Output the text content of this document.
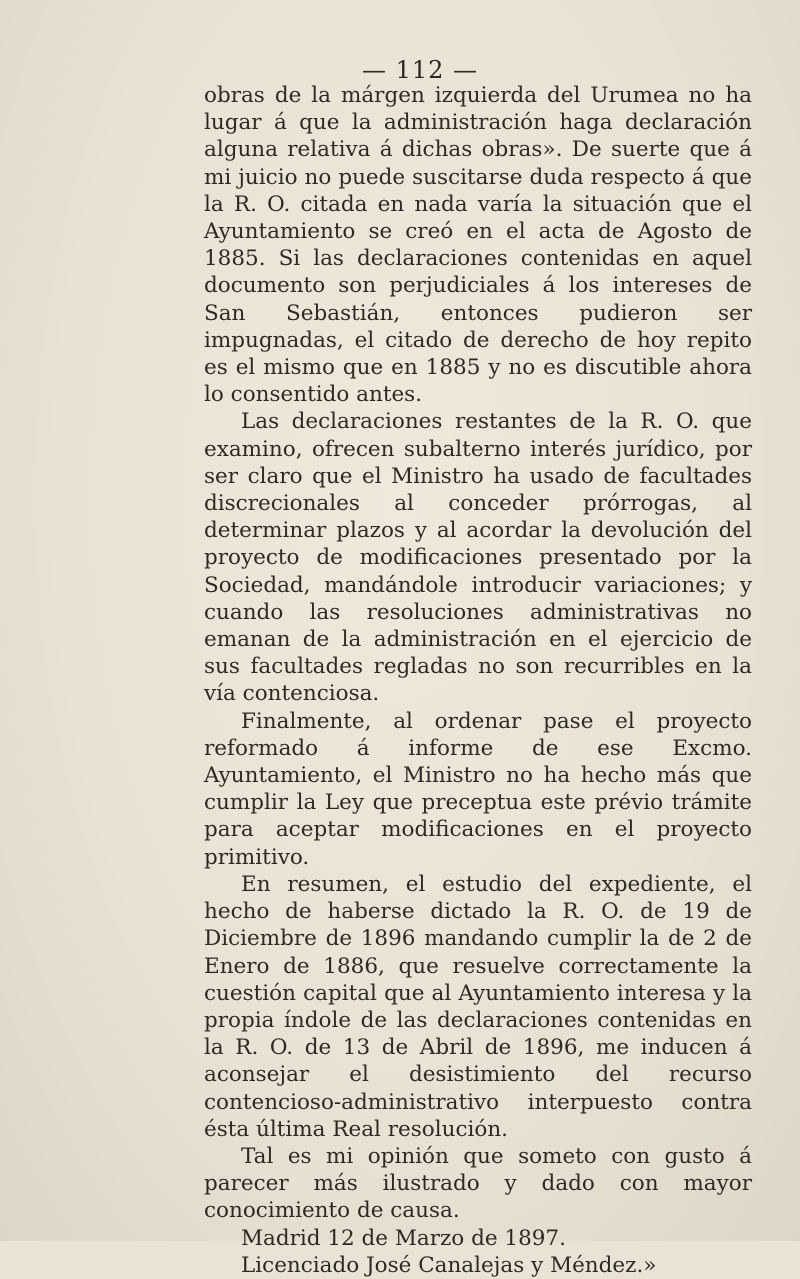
— 112 —

obras de la márgen izquierda del Urumea no ha lugar á que la administración haga declaración alguna relativa á dichas obras». De suerte que á mi juicio no puede suscitarse duda respecto á que la R. O. citada en nada varía la situación que el Ayuntamiento se creó en el acta de Agosto de 1885. Si las declaraciones contenidas en aquel documento son perjudiciales á los intereses de San Sebastián, entonces pudieron ser impugnadas, el citado de derecho de hoy repito es el mismo que en 1885 y no es discutible ahora lo consentido antes.

Las declaraciones restantes de la R. O. que examino, ofrecen subalterno interés jurídico, por ser claro que el Ministro ha usado de facultades discrecionales al conceder prórrogas, al determinar plazos y al acordar la devolución del proyecto de modificaciones presentado por la Sociedad, mandándole introducir variaciones; y cuando las resoluciones administrativas no emanan de la administración en el ejercicio de sus facultades regladas no son recurribles en la vía contenciosa.

Finalmente, al ordenar pase el proyecto reformado á informe de ese Excmo. Ayuntamiento, el Ministro no ha hecho más que cumplir la Ley que preceptua este prévio trámite para aceptar modificaciones en el proyecto primitivo.

En resumen, el estudio del expediente, el hecho de haberse dictado la R. O. de 19 de Diciembre de 1896 mandando cumplir la de 2 de Enero de 1886, que resuelve correctamente la cuestión capital que al Ayuntamiento interesa y la propia índole de las declaraciones contenidas en la R. O. de 13 de Abril de 1896, me inducen á aconsejar el desistimiento del recurso contencioso-administrativo interpuesto contra ésta última Real resolución.

Tal es mi opinión que someto con gusto á parecer más ilustrado y dado con mayor conocimiento de causa.

Madrid 12 de Marzo de 1897.

Licenciado José Canalejas y Méndez.»
